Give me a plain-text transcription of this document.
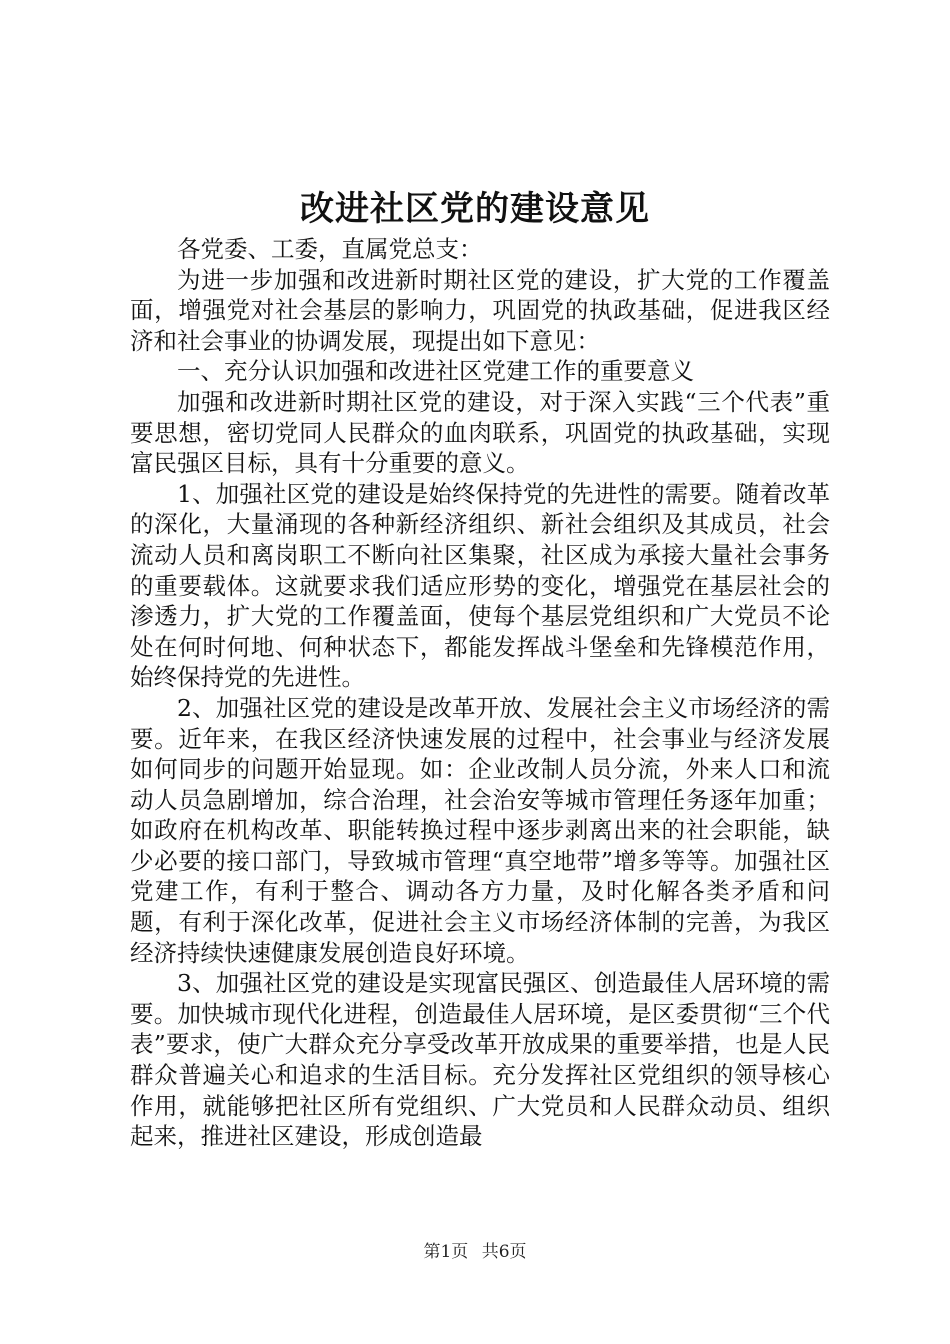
改进社区党的建设意见

各党委、工委，直属党总支：

为进一步加强和改进新时期社区党的建设，扩大党的工作覆盖面，增强党对社会基层的影响力，巩固党的执政基础，促进我区经济和社会事业的协调发展，现提出如下意见：

一、充分认识加强和改进社区党建工作的重要意义

加强和改进新时期社区党的建设，对于深入实践“三个代表”重要思想，密切党同人民群众的血肉联系，巩固党的执政基础，实现富民强区目标，具有十分重要的意义。

1、加强社区党的建设是始终保持党的先进性的需要。随着改革的深化，大量涌现的各种新经济组织、新社会组织及其成员，社会流动人员和离岗职工不断向社区集聚，社区成为承接大量社会事务的重要载体。这就要求我们适应形势的变化，增强党在基层社会的渗透力，扩大党的工作覆盖面，使每个基层党组织和广大党员不论处在何时何地、何种状态下，都能发挥战斗堡垒和先锋模范作用，始终保持党的先进性。

2、加强社区党的建设是改革开放、发展社会主义市场经济的需要。近年来，在我区经济快速发展的过程中，社会事业与经济发展如何同步的问题开始显现。如：企业改制人员分流，外来人口和流动人员急剧增加，综合治理，社会治安等城市管理任务逐年加重；如政府在机构改革、职能转换过程中逐步剥离出来的社会职能，缺少必要的接口部门，导致城市管理“真空地带”增多等等。加强社区党建工作，有利于整合、调动各方力量，及时化解各类矛盾和问题，有利于深化改革，促进社会主义市场经济体制的完善，为我区经济持续快速健康发展创造良好环境。

3、加强社区党的建设是实现富民强区、创造最佳人居环境的需要。加快城市现代化进程，创造最佳人居环境，是区委贯彻“三个代表”要求，使广大群众充分享受改革开放成果的重要举措，也是人民群众普遍关心和追求的生活目标。充分发挥社区党组织的领导核心作用，就能够把社区所有党组织、广大党员和人民群众动员、组织起来，推进社区建设，形成创造最

第1页 共6页
